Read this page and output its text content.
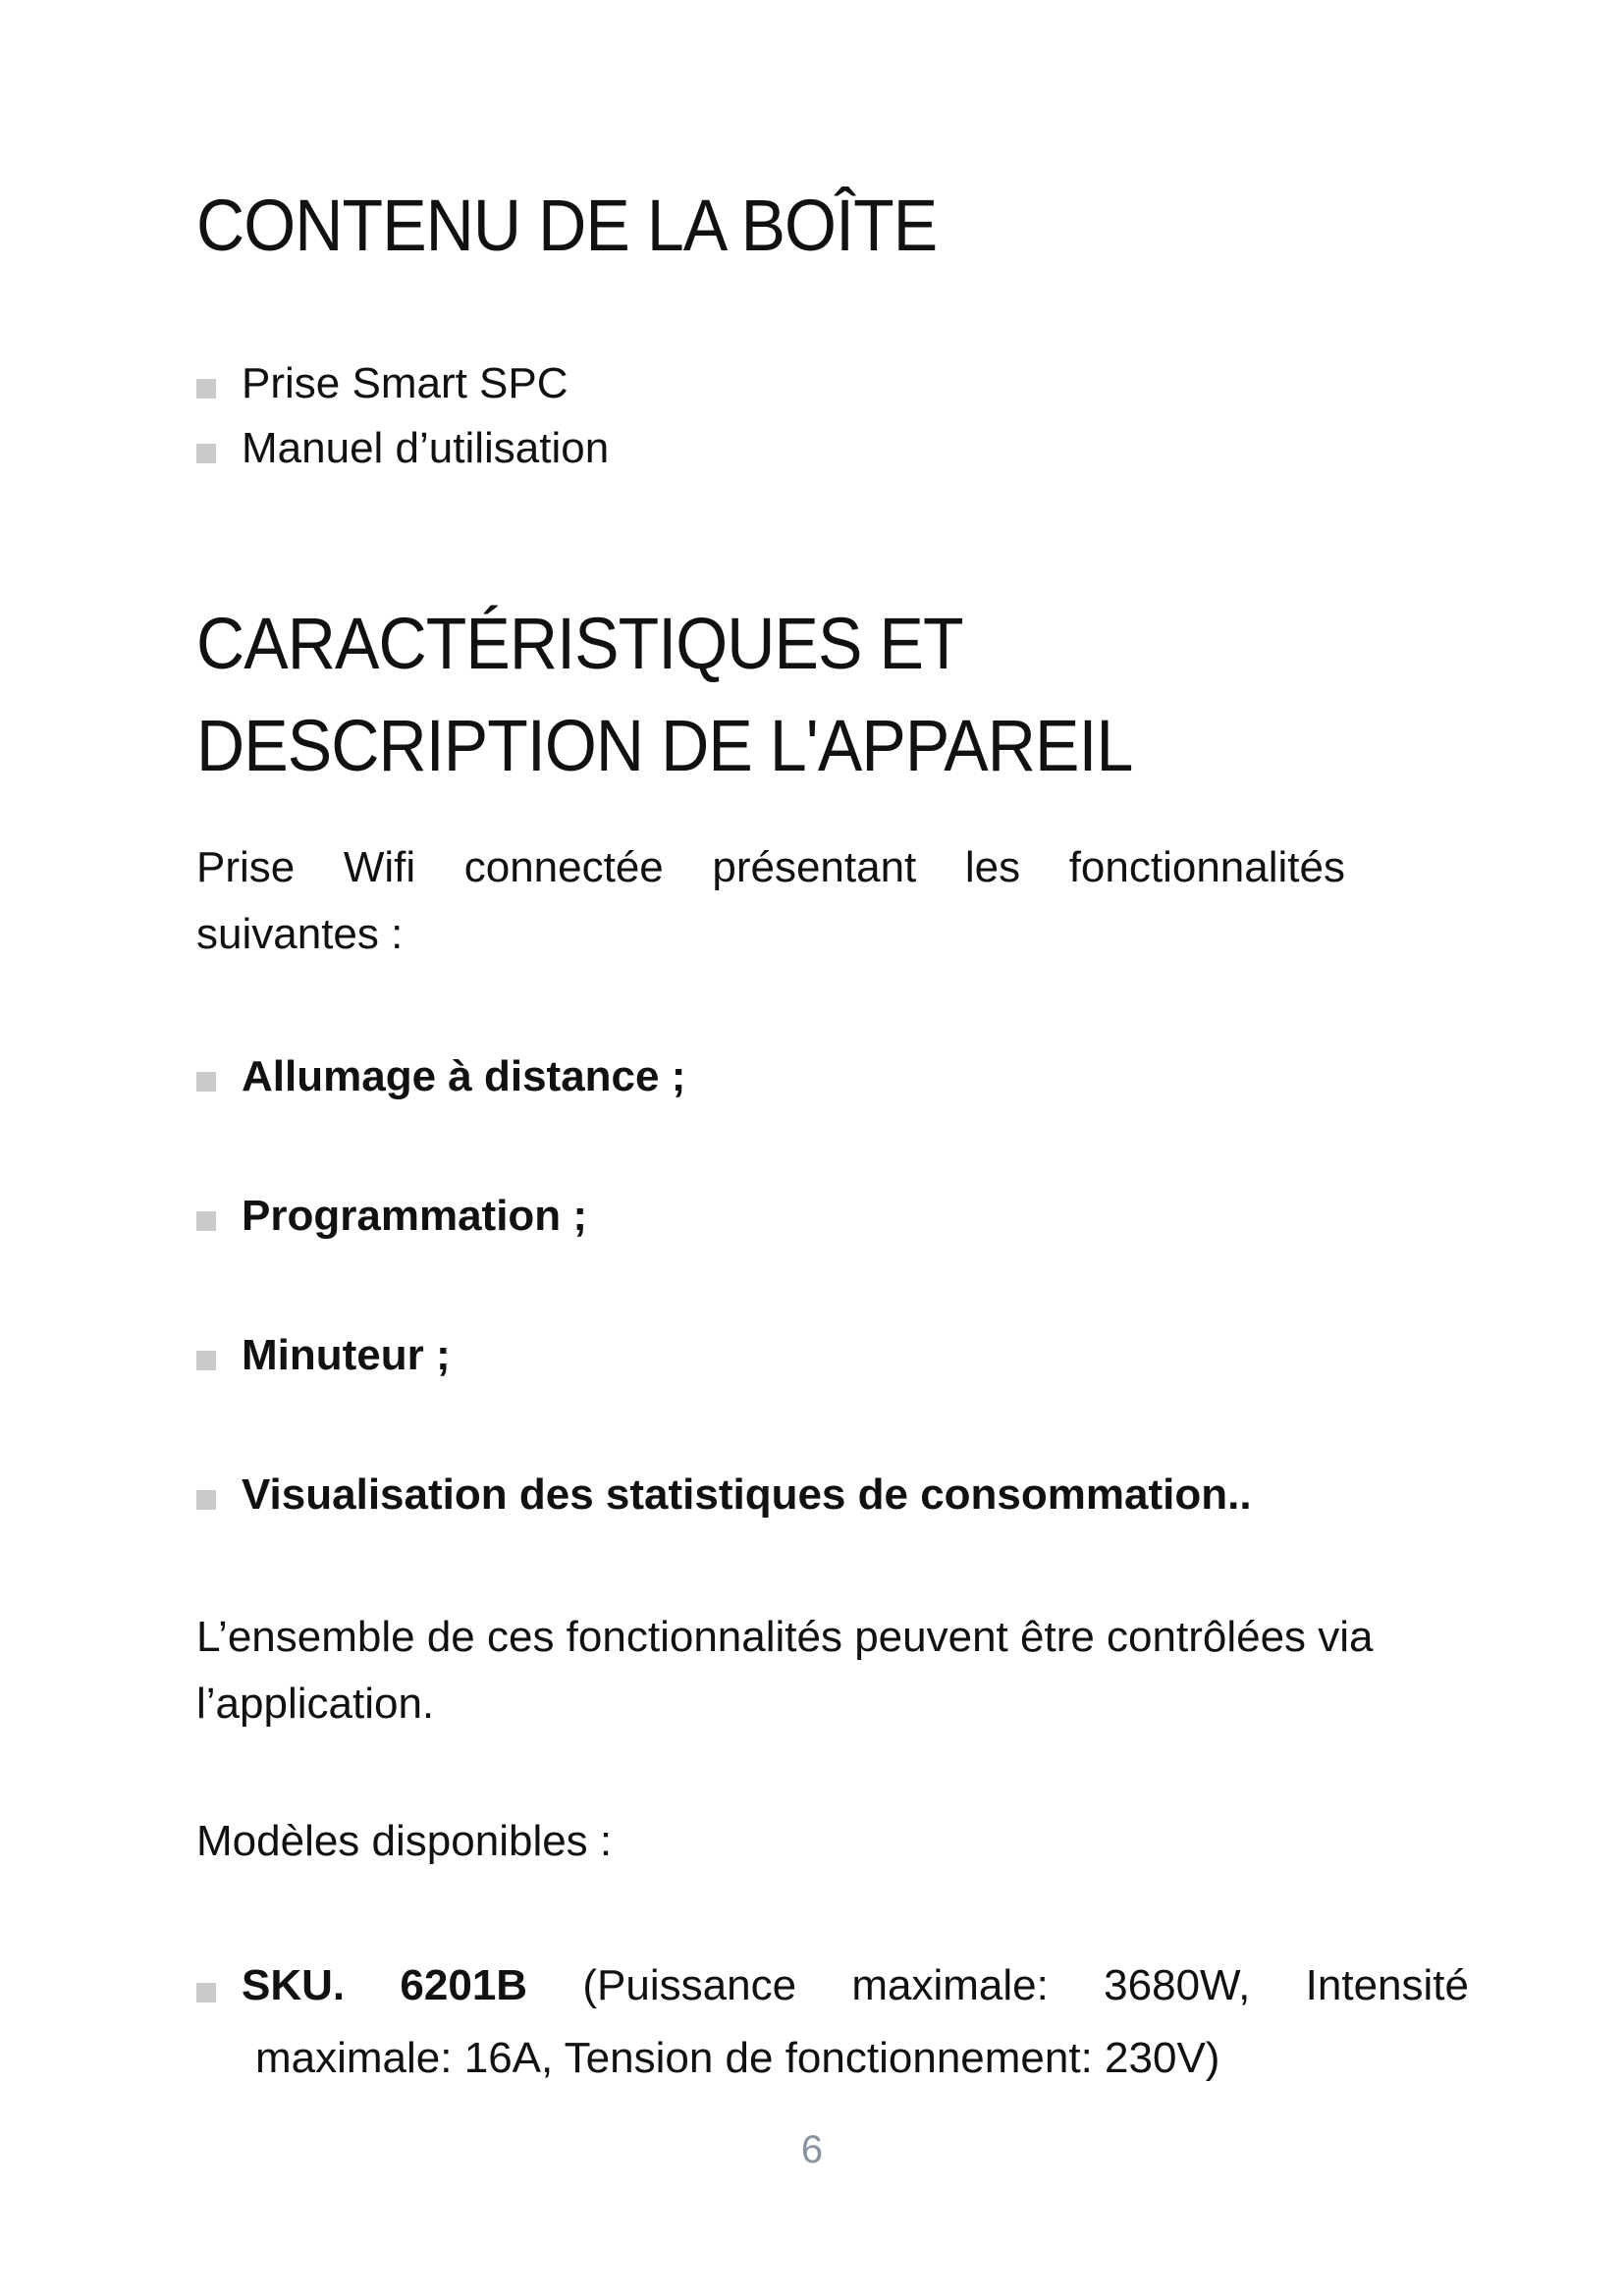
CONTENU DE LA BOÎTE
Prise Smart SPC
Manuel d’utilisation
CARACTÉRISTIQUES ET DESCRIPTION DE L'APPAREIL

Prise Wifi connectée présentant les fonctionnalités suivantes :

Allumage à distance ;
Programmation ;
Minuteur ;
Visualisation des statistiques de consommation..

L’ensemble de ces fonctionnalités peuvent être contrôlées via l’application.

Modèles disponibles :

SKU. 6201B (Puissance maximale: 3680W, Intensité
maximale: 16A, Tension de fonctionnement: 230V)
6
